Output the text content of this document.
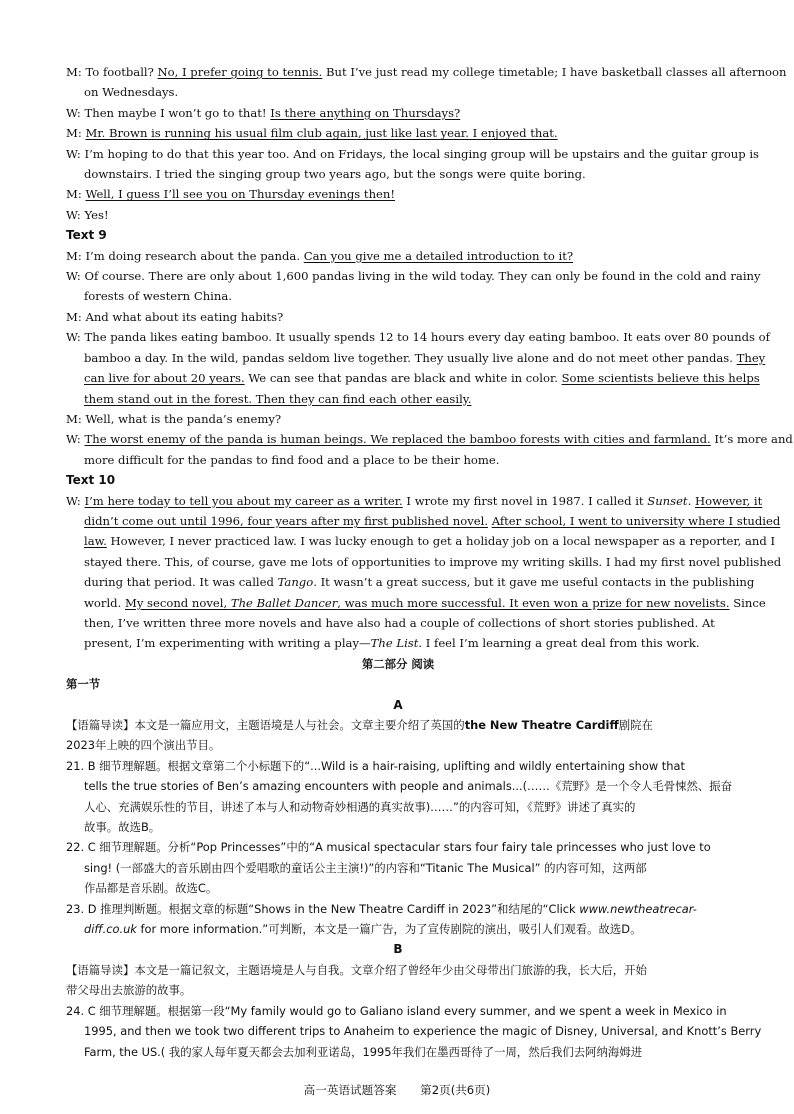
M: To football? No, I prefer going to tennis. But I’ve just read my college timetable; I have basketball classes all afternoon
on Wednesdays.
W: Then maybe I won’t go to that! Is there anything on Thursdays?
M: Mr. Brown is running his usual film club again, just like last year. I enjoyed that.
W: I’m hoping to do that this year too. And on Fridays, the local singing group will be upstairs and the guitar group is
downstairs. I tried the singing group two years ago, but the songs were quite boring.
M: Well, I guess I’ll see you on Thursday evenings then!
W: Yes!
Text 9
M: I’m doing research about the panda. Can you give me a detailed introduction to it?
W: Of course. There are only about 1,600 pandas living in the wild today. They can only be found in the cold and rainy
forests of western China.
M: And what about its eating habits?
W: The panda likes eating bamboo. It usually spends 12 to 14 hours every day eating bamboo. It eats over 80 pounds of
bamboo a day. In the wild, pandas seldom live together. They usually live alone and do not meet other pandas. They
can live for about 20 years. We can see that pandas are black and white in color. Some scientists believe this helps
them stand out in the forest. Then they can find each other easily.
M: Well, what is the panda’s enemy?
W: The worst enemy of the panda is human beings. We replaced the bamboo forests with cities and farmland. It’s more and
more difficult for the pandas to find food and a place to be their home.
Text 10
W: I’m here today to tell you about my career as a writer. I wrote my first novel in 1987. I called it Sunset. However, it
didn’t come out until 1996, four years after my first published novel. After school, I went to university where I studied
law. However, I never practiced law. I was lucky enough to get a holiday job on a local newspaper as a reporter, and I
stayed there. This, of course, gave me lots of opportunities to improve my writing skills. I had my first novel published
during that period. It was called Tango. It wasn’t a great success, but it gave me useful contacts in the publishing
world. My second novel, The Ballet Dancer, was much more successful. It even won a prize for new novelists. Since
then, I’ve written three more novels and have also had a couple of collections of short stories published. At
present, I’m experimenting with writing a play—The List. I feel I’m learning a great deal from this work.
第二部分 阅读
第一节
A
【语篇导读】本文是一篇应用文，主题语境是人与社会。文章主要介绍了英国的the New Theatre Cardiff剧院在
2023年上映的四个演出节目。
21. B 细节理解题。根据文章第二个小标题下的“...Wild is a hair-raising, uplifting and wildly entertaining show that
tells the true stories of Ben’s amazing encounters with people and animals...(……《荒野》是一个令人毛骨悚然、振奋
人心、充满娱乐性的节目，讲述了本与人和动物奇妙相遇的真实故事)……”的内容可知，《荒野》讲述了真实的
故事。故选B。
22. C 细节理解题。分析“Pop Princesses”中的“A musical spectacular stars four fairy tale princesses who just love to
sing! (一部盛大的音乐剧由四个爱唱歌的童话公主主演!)”的内容和“Titanic The Musical” 的内容可知，这两部
作品都是音乐剧。故选C。
23. D 推理判断题。根据文章的标题“Shows in the New Theatre Cardiff in 2023”和结尾的“Click www.newtheatrecar-
diff.co.uk for more information.”可判断，本文是一篇广告，为了宣传剧院的演出，吸引人们观看。故选D。
B
【语篇导读】本文是一篇记叙文，主题语境是人与自我。文章介绍了曾经年少由父母带出门旅游的我，长大后，开始
带父母出去旅游的故事。
24. C 细节理解题。根据第一段“My family would go to Galiano island every summer, and we spent a week in Mexico in
1995, and then we took two different trips to Anaheim to experience the magic of Disney, Universal, and Knott’s Berry
Farm, the US.( 我的家人每年夏天都会去加利亚诺岛，1995年我们在墨西哥待了一周，然后我们去阿纳海姆进
高一英语试题答案 第2页(共6页)
